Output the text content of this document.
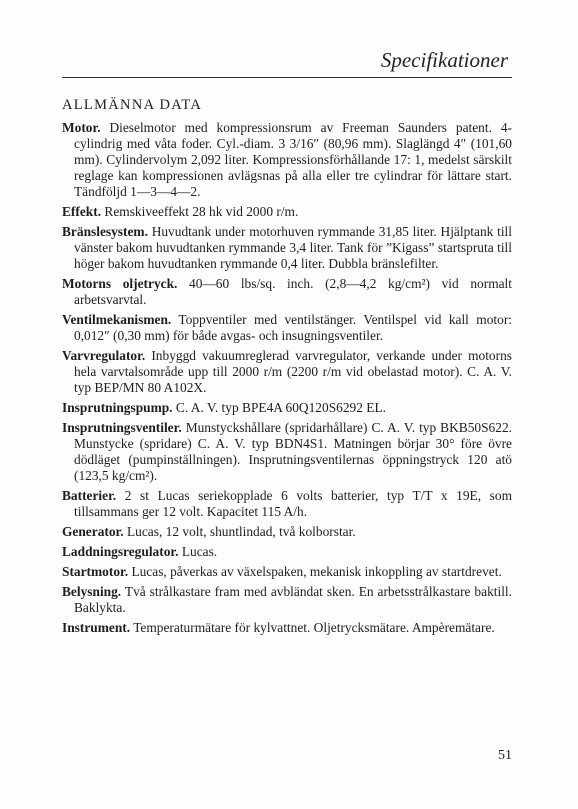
Specifikationer
ALLMÄNNA DATA

Motor. Dieselmotor med kompressionsrum av Freeman Saunders patent. 4-cylindrig med våta foder. Cyl.-diam. 3 3/16″ (80,96 mm). Slaglängd 4″ (101,60 mm). Cylindervolym 2,092 liter. Kompressionsförhållande 17: 1, medelst särskilt reglage kan kompressionen avlägsnas på alla eller tre cylindrar för lättare start. Tändföljd 1—3—4—2.

Effekt. Remskiveeffekt 28 hk vid 2000 r/m.

Bränslesystem. Huvudtank under motorhuven rymmande 31,85 liter. Hjälptank till vänster bakom huvudtanken rymmande 3,4 liter. Tank för ”Kigass” startspruta till höger bakom huvudtanken rymmande 0,4 liter. Dubbla bränslefilter.

Motorns oljetryck. 40—60 lbs/sq. inch. (2,8—4,2 kg/cm²) vid normalt arbetsvarvtal.

Ventilmekanismen. Toppventiler med ventilstänger. Ventilspel vid kall motor: 0,012″ (0,30 mm) för både avgas- och insugningsventiler.

Varvregulator. Inbyggd vakuumreglerad varvregulator, verkande under motorns hela varvtalsområde upp till 2000 r/m (2200 r/m vid obelastad motor). C. A. V. typ BEP/MN 80 A102X.

Insprutningspump. C. A. V. typ BPE4A 60Q120S6292 EL.

Insprutningsventiler. Munstyckshållare (spridarhållare) C. A. V. typ BKB50S622. Munstycke (spridare) C. A. V. typ BDN4S1. Matningen börjar 30° före övre dödläget (pumpinställningen). Insprutningsventilernas öppningstryck 120 atö (123,5 kg/cm²).

Batterier. 2 st Lucas seriekopplade 6 volts batterier, typ T/T x 19E, som tillsammans ger 12 volt. Kapacitet 115 A/h.

Generator. Lucas, 12 volt, shuntlindad, två kolborstar.

Laddningsregulator. Lucas.

Startmotor. Lucas, påverkas av växelspaken, mekanisk inkoppling av startdrevet.

Belysning. Två strålkastare fram med avbländat sken. En arbetsstrålkastare baktill. Baklykta.

Instrument. Temperaturmätare för kylvattnet. Oljetrycksmätare. Ampèremätare.

51
